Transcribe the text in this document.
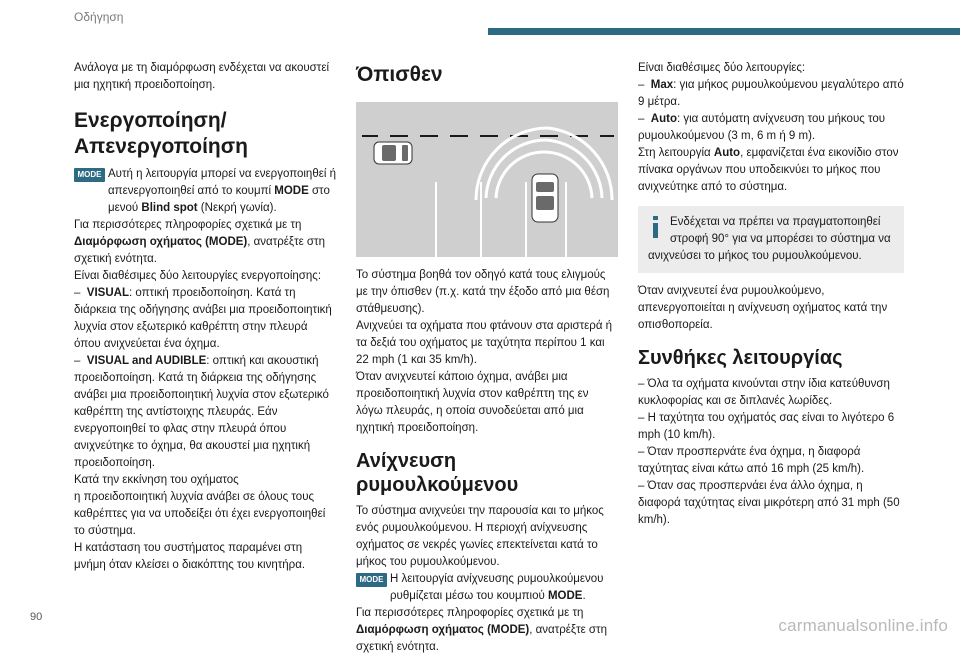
Οδήγηση

Ανάλογα με τη διαμόρφωση ενδέχεται να ακουστεί μια ηχητική προειδοποίηση.

Ενεργοποίηση/ Απενεργοποίηση
MODE Αυτή η λειτουργία μπορεί να ενεργοποιηθεί ή απενεργοποιηθεί από το κουμπί MODE στο μενού Blind spot (Νεκρή γωνία).

Για περισσότερες πληροφορίες σχετικά με τη Διαμόρφωση οχήματος (MODE), ανατρέξτε στη σχετική ενότητα.

Είναι διαθέσιμες δύο λειτουργίες ενεργοποίησης:

–  VISUAL: οπτική προειδοποίηση. Κατά τη διάρκεια της οδήγησης ανάβει μια προειδοποιητική λυχνία στον εξωτερικό καθρέπτη στην πλευρά όπου ανιχνεύεται ένα όχημα.

–  VISUAL and AUDIBLE: οπτική και ακουστική προειδοποίηση. Κατά τη διάρκεια της οδήγησης ανάβει μια προειδοποιητική λυχνία στον εξωτερικό καθρέπτη της αντίστοιχης πλευράς. Εάν ενεργοποιηθεί το φλας στην πλευρά όπου ανιχνεύτηκε το όχημα, θα ακουστεί μια ηχητική προειδοποίηση.

Κατά την εκκίνηση του οχήματος

η προειδοποιητική λυχνία ανάβει σε όλους τους καθρέπτες για να υποδείξει ότι έχει ενεργοποιηθεί το σύστημα.

Η κατάσταση του συστήματος παραμένει στη μνήμη όταν κλείσει ο διακόπτης του κινητήρα.

Όπισθεν

Το σύστημα βοηθά τον οδηγό κατά τους ελιγμούς με την όπισθεν (π.χ. κατά την έξοδο από μια θέση στάθμευσης).

Ανιχνεύει τα οχήματα που φτάνουν στα αριστερά ή τα δεξιά του οχήματος με ταχύτητα περίπου 1 και 22 mph (1 και 35 km/h).

Όταν ανιχνευτεί κάποιο όχημα, ανάβει μια προειδοποιητική λυχνία στον καθρέπτη της εν λόγω πλευράς, η οποία συνοδεύεται από μια ηχητική προειδοποίηση.

Ανίχνευση ρυμουλκούμενου

Το σύστημα ανιχνεύει την παρουσία και το μήκος ενός ρυμουλκούμενου. Η περιοχή ανίχνευσης οχήματος σε νεκρές γωνίες επεκτείνεται κατά το μήκος του ρυμουλκούμενου.

MODE Η λειτουργία ανίχνευσης ρυμουλκούμενου ρυθμίζεται μέσω του κουμπιού MODE.

Για περισσότερες πληροφορίες σχετικά με τη Διαμόρφωση οχήματος (MODE), ανατρέξτε στη σχετική ενότητα.

Είναι διαθέσιμες δύο λειτουργίες:

–  Max: για μήκος ρυμουλκούμενου μεγαλύτερο από 9 μέτρα.

–  Auto: για αυτόματη ανίχνευση του μήκους του ρυμουλκούμενου (3 m, 6 m ή 9 m).

Στη λειτουργία Auto, εμφανίζεται ένα εικονίδιο στον πίνακα οργάνων που υποδεικνύει το μήκος που ανιχνεύτηκε από το σύστημα.

Ενδέχεται να πρέπει να πραγματοποιηθεί στροφή 90° για να μπορέσει το σύστημα να ανιχνεύσει το μήκος του ρυμουλκούμενου.

Όταν ανιχνευτεί ένα ρυμουλκούμενο, απενεργοποιείται η ανίχνευση οχήματος κατά την οπισθοπορεία.

Συνθήκες λειτουργίας

– Όλα τα οχήματα κινούνται στην ίδια κατεύθυνση κυκλοφορίας και σε διπλανές λωρίδες.

– Η ταχύτητα του οχήματός σας είναι το λιγότερο 6 mph (10 km/h).

– Όταν προσπερνάτε ένα όχημα, η διαφορά ταχύτητας είναι κάτω από 16 mph (25 km/h).

– Όταν σας προσπερνάει ένα άλλο όχημα, η διαφορά ταχύτητας είναι μικρότερη από 31 mph (50 km/h).

90	carmanualsonline.info
